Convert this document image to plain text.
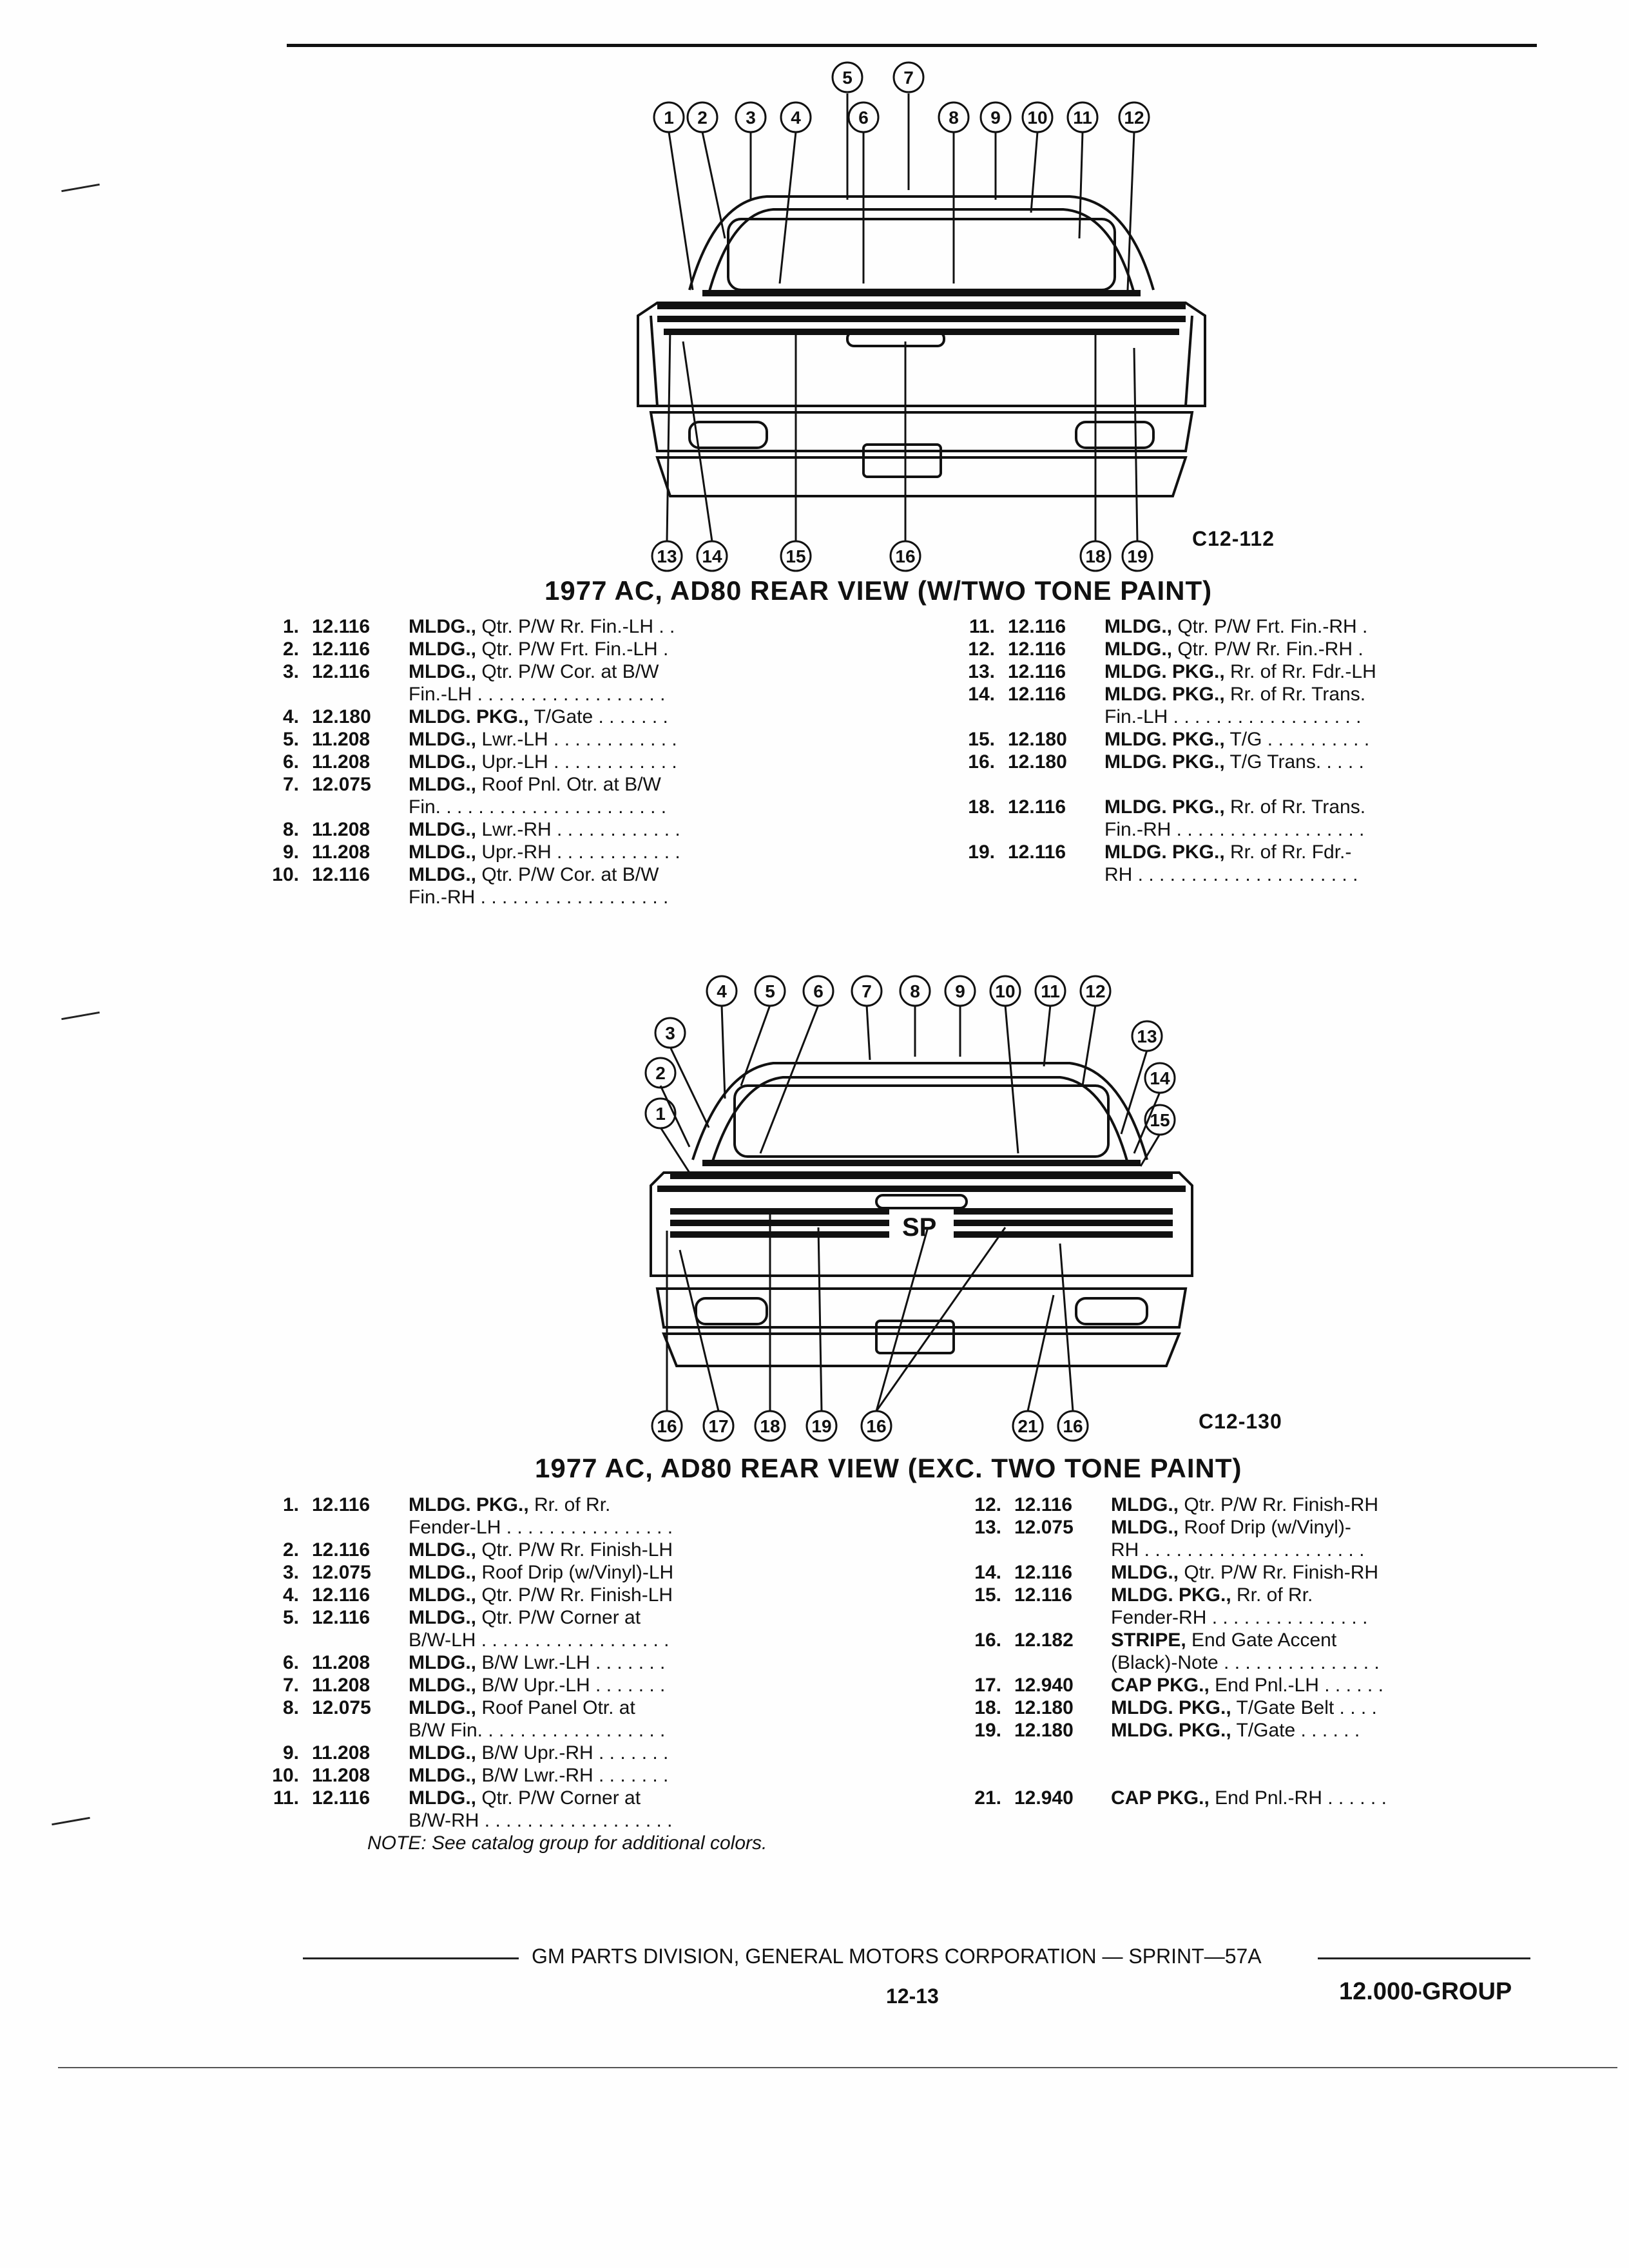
1 2 3 4
5
6
7
8 9 10 11 12
13 14	15	16	18 19
C12-112
1977 AC, AD80 REAR VIEW (W/TWO TONE PAINT)
1. 12.116 MLDG., Qtr. P/W Rr. Fin.-LH . .
2. 12.116 MLDG., Qtr. P/W Frt. Fin.-LH .
3. 12.116 MLDG., Qtr. P/W Cor. at B/W
Fin.-LH . . . . . . . . . . . . . . . . . .
4. 12.180 MLDG. PKG., T/Gate . . . . . . .
5. 11.208 MLDG., Lwr.-LH . . . . . . . . . . . .
6. 11.208 MLDG., Upr.-LH . . . . . . . . . . . .
7. 12.075 MLDG., Roof Pnl. Otr. at B/W
Fin. . . . . . . . . . . . . . . . . . . . . .
8. 11.208 MLDG., Lwr.-RH . . . . . . . . . . . .
9. 11.208 MLDG., Upr.-RH . . . . . . . . . . . .
10. 12.116 MLDG., Qtr. P/W Cor. at B/W
Fin.-RH . . . . . . . . . . . . . . . . . .
11. 12.116 MLDG., Qtr. P/W Frt. Fin.-RH .
12. 12.116 MLDG., Qtr. P/W Rr. Fin.-RH .
13. 12.116 MLDG. PKG., Rr. of Rr. Fdr.-LH
14. 12.116 MLDG. PKG., Rr. of Rr. Trans.
Fin.-LH . . . . . . . . . . . . . . . . . .
15. 12.180 MLDG. PKG., T/G . . . . . . . . . .
16. 12.180 MLDG. PKG., T/G Trans. . . . .
18. 12.116 MLDG. PKG., Rr. of Rr. Trans.
Fin.-RH . . . . . . . . . . . . . . . . . .
19. 12.116 MLDG. PKG., Rr. of Rr. Fdr.-
RH . . . . . . . . . . . . . . . . . . . . .
SP
1
2
3
4 5 6 7 8 9 10 11 12
13
14
15
16 17 18 19 16	21 16	C12-130
1977 AC, AD80 REAR VIEW (EXC. TWO TONE PAINT)
1. 12.116 MLDG. PKG., Rr. of Rr.
Fender-LH . . . . . . . . . . . . . . . .
2. 12.116 MLDG., Qtr. P/W Rr. Finish-LH
3. 12.075 MLDG., Roof Drip (w/Vinyl)-LH
4. 12.116 MLDG., Qtr. P/W Rr. Finish-LH
5. 12.116 MLDG., Qtr. P/W Corner at
B/W-LH . . . . . . . . . . . . . . . . . .
6. 11.208 MLDG., B/W Lwr.-LH . . . . . . .
7. 11.208 MLDG., B/W Upr.-LH . . . . . . .
8. 12.075 MLDG., Roof Panel Otr. at
B/W Fin. . . . . . . . . . . . . . . . . .
9. 11.208 MLDG., B/W Upr.-RH . . . . . . .
10. 11.208 MLDG., B/W Lwr.-RH . . . . . . .
11. 12.116 MLDG., Qtr. P/W Corner at
B/W-RH . . . . . . . . . . . . . . . . . .
NOTE: See catalog group for additional colors.
12. 12.116 MLDG., Qtr. P/W Rr. Finish-RH
13. 12.075 MLDG., Roof Drip (w/Vinyl)-
RH . . . . . . . . . . . . . . . . . . . . .
14. 12.116 MLDG., Qtr. P/W Rr. Finish-RH
15. 12.116 MLDG. PKG., Rr. of Rr.
Fender-RH . . . . . . . . . . . . . . .
16. 12.182 STRIPE, End Gate Accent
(Black)-Note . . . . . . . . . . . . . . .
17. 12.940 CAP PKG., End Pnl.-LH . . . . . .
18. 12.180 MLDG. PKG., T/Gate Belt . . . .
19. 12.180 MLDG. PKG., T/Gate . . . . . .
21. 12.940 CAP PKG., End Pnl.-RH . . . . . .
GM PARTS DIVISION, GENERAL MOTORS CORPORATION — SPRINT—57A
12-13	12.000-GROUP
